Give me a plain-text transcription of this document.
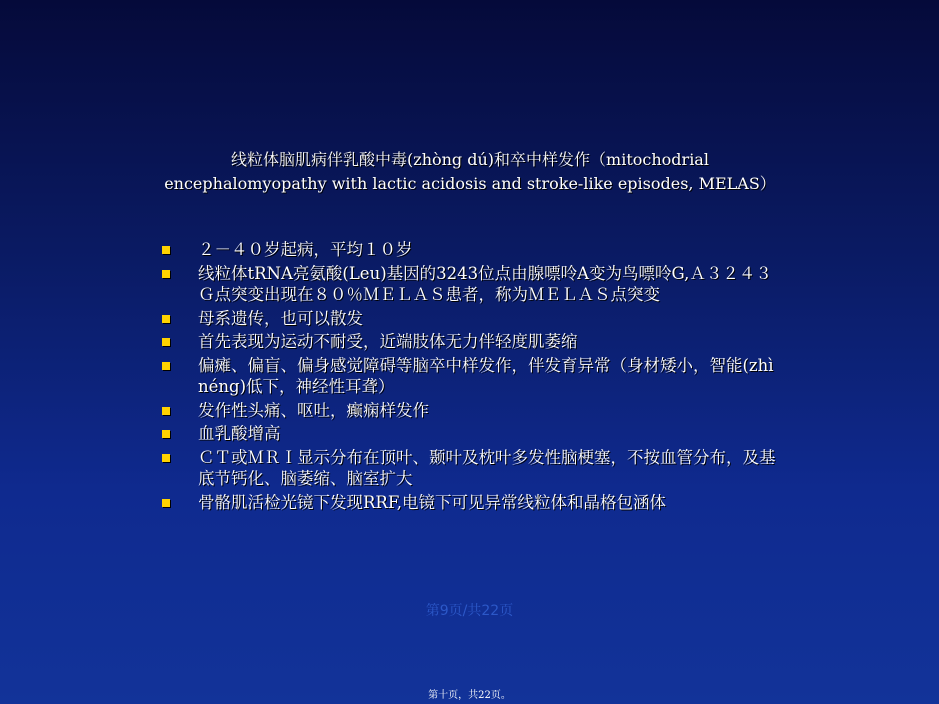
线粒体脑肌病伴乳酸中毒(zhòng dú)和卒中样发作（mitochodrial
encephalomyopathy with lactic acidosis and stroke-like episodes, MELAS）
２－４０岁起病，平均１０岁
线粒体tRNA亮氨酸(Leu)基因的3243位点由腺嘌呤A变为鸟嘌呤G,Ａ３２４３Ｇ点突变出现在８０％ＭＥＬＡＳ患者，称为ＭＥＬＡＳ点突变
母系遗传，也可以散发
首先表现为运动不耐受，近端肢体无力伴轻度肌萎缩
偏瘫、偏盲、偏身感觉障碍等脑卒中样发作，伴发育异常（身材矮小，智能(zhì néng)低下，神经性耳聋）
发作性头痛、呕吐，癫痫样发作
血乳酸增高
ＣＴ或ＭＲＩ显示分布在顶叶、颞叶及枕叶多发性脑梗塞，不按血管分布，及基底节钙化、脑萎缩、脑室扩大
骨骼肌活检光镜下发现RRF,电镜下可见异常线粒体和晶格包涵体
第9页/共22页
第十页，共22页。
